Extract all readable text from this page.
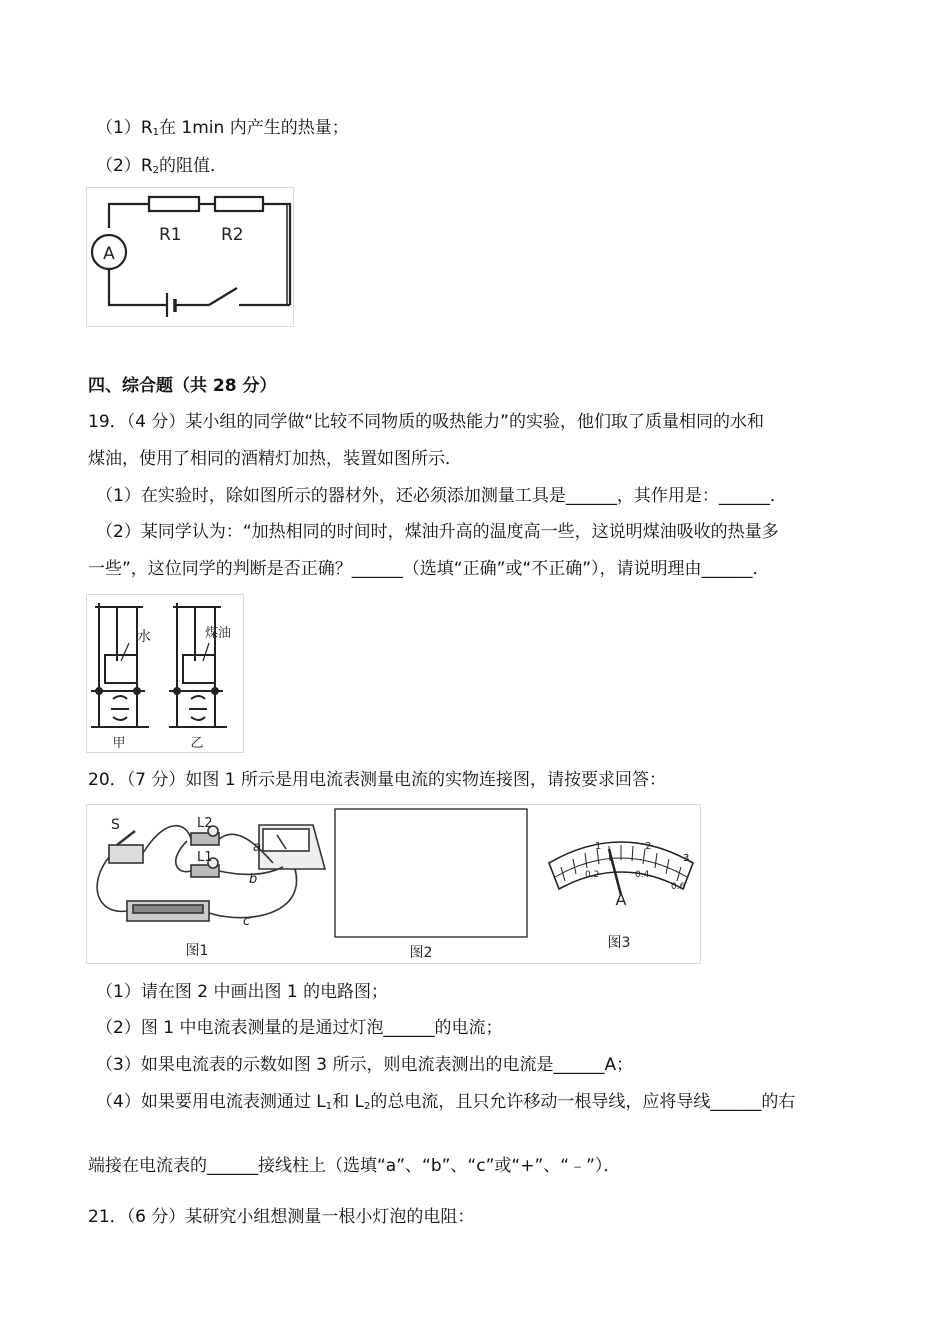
$(1)R_1$在 1min 内产生的热量；
$(2)R_2$的阻值．
A
R1 R2
四、综合题（共 28 分）
19．（4 分）某小组的同学做“比较不同物质的吸热能力”的实验，他们取了质量相同的水和
煤油，使用了相同的酒精灯加热，装置如图所示．
（1）在实验时，除如图所示的器材外，还必须添加测量工具是______，其作用是：______．
（2）某同学认为：“加热相同的时间时，煤油升高的温度高一些，这说明煤油吸收的热量多
一些”，这位同学的判断是否正确？______（选填“正确”或“不正确”），请说明理由______．
水	煤油
甲	乙
20．（7 分）如图 1 所示是用电流表测量电流的实物连接图，请按要求回答：
S	L2
L1
a
b
c
图1	图2
1	2
3
0.2	0.4
0.6
A
图3
（1）请在图 2 中画出图 1 的电路图；
（2）图 1 中电流表测量的是通过灯泡______的电流；
（3）如果电流表的示数如图 3 所示，则电流表测出的电流是______A；
（4）如果要用电流表测通过 $L_1$和 $L_2$的总电流，且只允许移动一根导线，应将导线______的右
端接在电流表的______接线柱上（选填“a”、“b”、“c”或“+”、“﹣”）．
21．（6 分）某研究小组想测量一根小灯泡的电阻：
